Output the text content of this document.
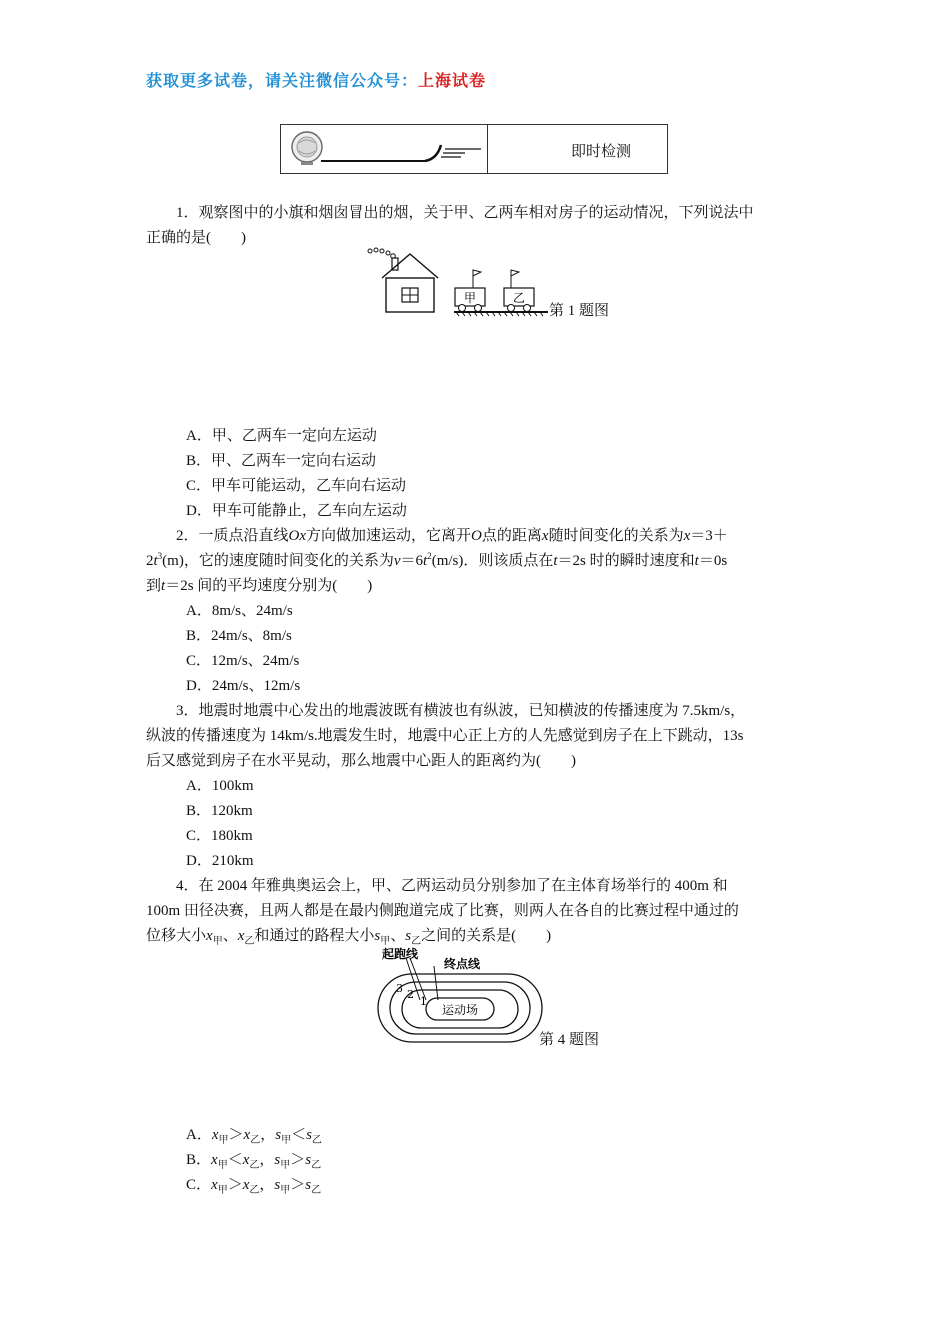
获取更多试卷，请关注微信公众号：上海试卷
即时检测
1．观察图中的小旗和烟囱冒出的烟，关于甲、乙两车相对房子的运动情况，下列说法中
正确的是(　　)
甲	乙
第 1 题图
A．甲、乙两车一定向左运动
B．甲、乙两车一定向右运动
C．甲车可能运动，乙车向右运动
D．甲车可能静止，乙车向左运动
2．一质点沿直线Ox方向做加速运动，它离开O点的距离x随时间变化的关系为x＝3＋
$2t^3(m)$，它的速度随时间变化的关系为$v=6t^2(m/s)$．则该质点在t＝2s 时的瞬时速度和t＝0s
到t＝2s 间的平均速度分别为(　　)
A．8m/s、24m/s
B．24m/s、8m/s
C．12m/s、24m/s
D．24m/s、12m/s
3．地震时地震中心发出的地震波既有横波也有纵波，已知横波的传播速度为 7.5km/s，
纵波的传播速度为 14km/s.地震发生时，地震中心正上方的人先感觉到房子在上下跳动，13s
后又感觉到房子在水平晃动，那么地震中心距人的距离约为(　　)
A．100km
B．120km
C．180km
D．210km
4．在 2004 年雅典奥运会上，甲、乙两运动员分别参加了在主体育场举行的 400m 和
100m 田径决赛，且两人都是在最内侧跑道完成了比赛，则两人在各自的比赛过程中通过的
位移大小$x_甲$、$x_乙$和通过的路程大小$s_甲$、$s_乙$之间的关系是(　　)
起跑线
终点线
运动场
3 2
1
第 4 题图
A．$x_甲>x_乙$，$s_甲<s_乙$
B．$x_甲<x_乙$，$s_甲>s_乙$
C．$x_甲>x_乙$，$s_甲>s_乙$
